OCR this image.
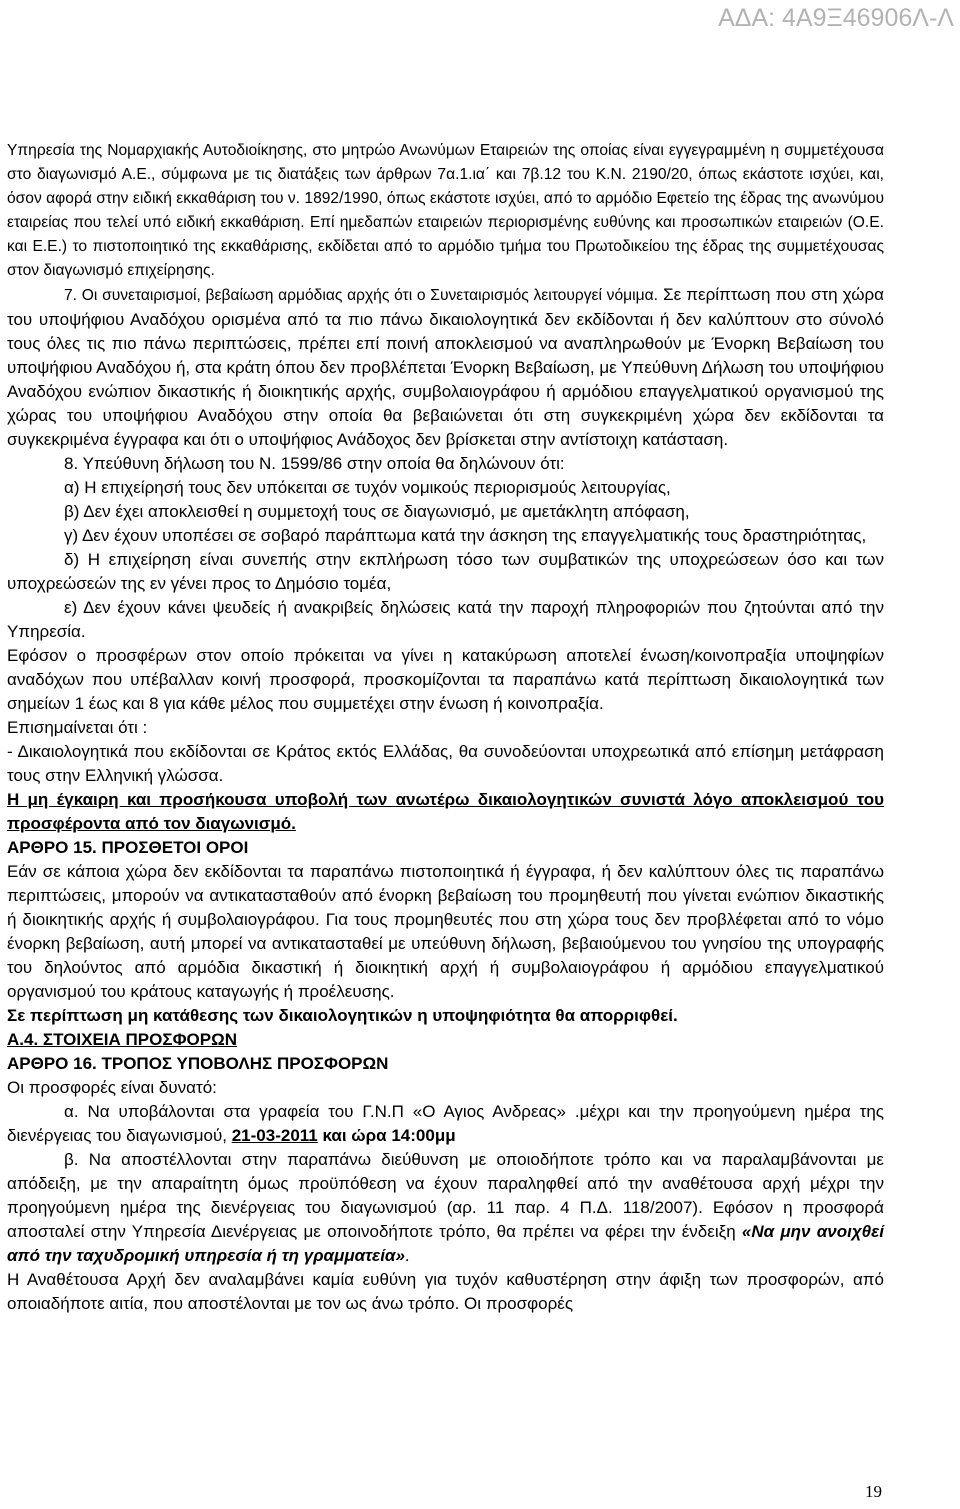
ΑΔΑ: 4Α9Ξ46906Λ-Λ

Υπηρεσία της Νομαρχιακής Αυτοδιοίκησης, στο μητρώο Ανωνύμων Εταιρειών της οποίας είναι εγγεγραμμένη η συμμετέχουσα στο διαγωνισμό Α.Ε., σύμφωνα με τις διατάξεις των άρθρων 7α.1.ια΄ και 7β.12 του Κ.Ν. 2190/20, όπως εκάστοτε ισχύει, και, όσον αφορά στην ειδική εκκαθάριση του ν. 1892/1990, όπως εκάστοτε ισχύει, από το αρμόδιο Εφετείο της έδρας της ανωνύμου εταιρείας που τελεί υπό ειδική εκκαθάριση. Επί ημεδαπών εταιρειών περιορισμένης ευθύνης και προσωπικών εταιρειών (Ο.Ε. και Ε.Ε.) το πιστοποιητικό της εκκαθάρισης, εκδίδεται από το αρμόδιο τμήμα του Πρωτοδικείου της έδρας της συμμετέχουσας στον διαγωνισμό επιχείρησης.

7. Οι συνεταιρισμοί, βεβαίωση αρμόδιας αρχής ότι ο Συνεταιρισμός λειτουργεί νόμιμα. Σε περίπτωση που στη χώρα του υποψήφιου Αναδόχου ορισμένα από τα πιο πάνω δικαιολογητικά δεν εκδίδονται ή δεν καλύπτουν στο σύνολό τους όλες τις πιο πάνω περιπτώσεις, πρέπει επί ποινή αποκλεισμού να αναπληρωθούν με Ένορκη Βεβαίωση του υποψήφιου Αναδόχου ή, στα κράτη όπου δεν προβλέπεται Ένορκη Βεβαίωση, με Υπεύθυνη Δήλωση του υποψήφιου Αναδόχου ενώπιον δικαστικής ή διοικητικής αρχής, συμβολαιογράφου ή αρμόδιου επαγγελματικού οργανισμού της χώρας του υποψήφιου Αναδόχου στην οποία θα βεβαιώνεται ότι στη συγκεκριμένη χώρα δεν εκδίδονται τα συγκεκριμένα έγγραφα και ότι ο υποψήφιος Ανάδοχος δεν βρίσκεται στην αντίστοιχη κατάσταση.

8. Υπεύθυνη δήλωση του Ν. 1599/86 στην οποία θα δηλώνουν ότι:

α) Η επιχείρησή τους δεν υπόκειται σε τυχόν νομικούς περιορισμούς λειτουργίας,

β) Δεν έχει αποκλεισθεί η συμμετοχή τους σε διαγωνισμό, με αμετάκλητη απόφαση,

γ) Δεν έχουν υποπέσει σε σοβαρό παράπτωμα κατά την άσκηση της επαγγελματικής τους δραστηριότητας,

δ) Η επιχείρηση είναι συνεπής στην εκπλήρωση τόσο των συμβατικών της υποχρεώσεων όσο και των υποχρεώσεών της εν γένει προς το Δημόσιο τομέα,

ε) Δεν έχουν κάνει ψευδείς ή ανακριβείς δηλώσεις κατά την παροχή πληροφοριών που ζητούνται από την Υπηρεσία.

Εφόσον ο προσφέρων στον οποίο πρόκειται να γίνει η κατακύρωση αποτελεί ένωση/κοινοπραξία υποψηφίων αναδόχων που υπέβαλλαν κοινή προσφορά, προσκομίζονται τα παραπάνω κατά περίπτωση δικαιολογητικά των σημείων 1 έως και 8 για κάθε μέλος που συμμετέχει στην ένωση ή κοινοπραξία.

Επισημαίνεται ότι :

- Δικαιολογητικά που εκδίδονται σε Κράτος εκτός Ελλάδας, θα συνοδεύονται υποχρεωτικά από επίσημη μετάφραση τους στην Ελληνική γλώσσα.

Η μη έγκαιρη και προσήκουσα υποβολή των ανωτέρω δικαιολογητικών συνιστά λόγο αποκλεισμού του προσφέροντα από τον διαγωνισμό.

ΑΡΘΡΟ 15. ΠΡΟΣΘΕΤΟΙ ΟΡΟΙ

Εάν σε κάποια χώρα δεν εκδίδονται τα παραπάνω πιστοποιητικά ή έγγραφα, ή δεν καλύπτουν όλες τις παραπάνω περιπτώσεις, μπορούν να αντικατασταθούν από ένορκη βεβαίωση του προμηθευτή που γίνεται ενώπιον δικαστικής ή διοικητικής αρχής ή συμβολαιογράφου. Για τους προμηθευτές που στη χώρα τους δεν προβλέφεται από το νόμο ένορκη βεβαίωση, αυτή μπορεί να αντικατασταθεί με υπεύθυνη δήλωση, βεβαιούμενου του γνησίου της υπογραφής του δηλούντος από αρμόδια δικαστική ή διοικητική αρχή ή συμβολαιογράφου ή αρμόδιου επαγγελματικού οργανισμού του κράτους καταγωγής ή προέλευσης.

Σε περίπτωση μη κατάθεσης των δικαιολογητικών η υποψηφιότητα θα απορριφθεί.

Α.4. ΣΤΟΙΧΕΙΑ ΠΡΟΣΦΟΡΩΝ

ΑΡΘΡΟ 16. ΤΡΟΠΟΣ ΥΠΟΒΟΛΗΣ ΠΡΟΣΦΟΡΩΝ

Οι προσφορές είναι δυνατό:

α. Να υποβάλονται στα γραφεία του Γ.Ν.Π «Ο Αγιος Ανδρεας» .μέχρι και την προηγούμενη ημέρα της διενέργειας του διαγωνισμού, 21-03-2011 και ώρα 14:00μμ

β. Να αποστέλλονται στην παραπάνω διεύθυνση με οποιοδήποτε τρόπο και να παραλαμβάνονται με απόδειξη, με την απαραίτητη όμως προϋπόθεση να έχουν παραληφθεί από την αναθέτουσα αρχή μέχρι την προηγούμενη ημέρα της διενέργειας του διαγωνισμού (αρ. 11 παρ. 4 Π.Δ. 118/2007). Εφόσον η προσφορά αποσταλεί στην Υπηρεσία Διενέργειας με οποινοδήποτε τρόπο, θα πρέπει να φέρει την ένδειξη «Να μην ανοιχθεί από την ταχυδρομική υπηρεσία ή τη γραμματεία».

Η Αναθέτουσα Αρχή δεν αναλαμβάνει καμία ευθύνη για τυχόν καθυστέρηση στην άφιξη των προσφορών, από οποιαδήποτε αιτία, που αποστέλονται με τον ως άνω τρόπο. Οι προσφορές

19
